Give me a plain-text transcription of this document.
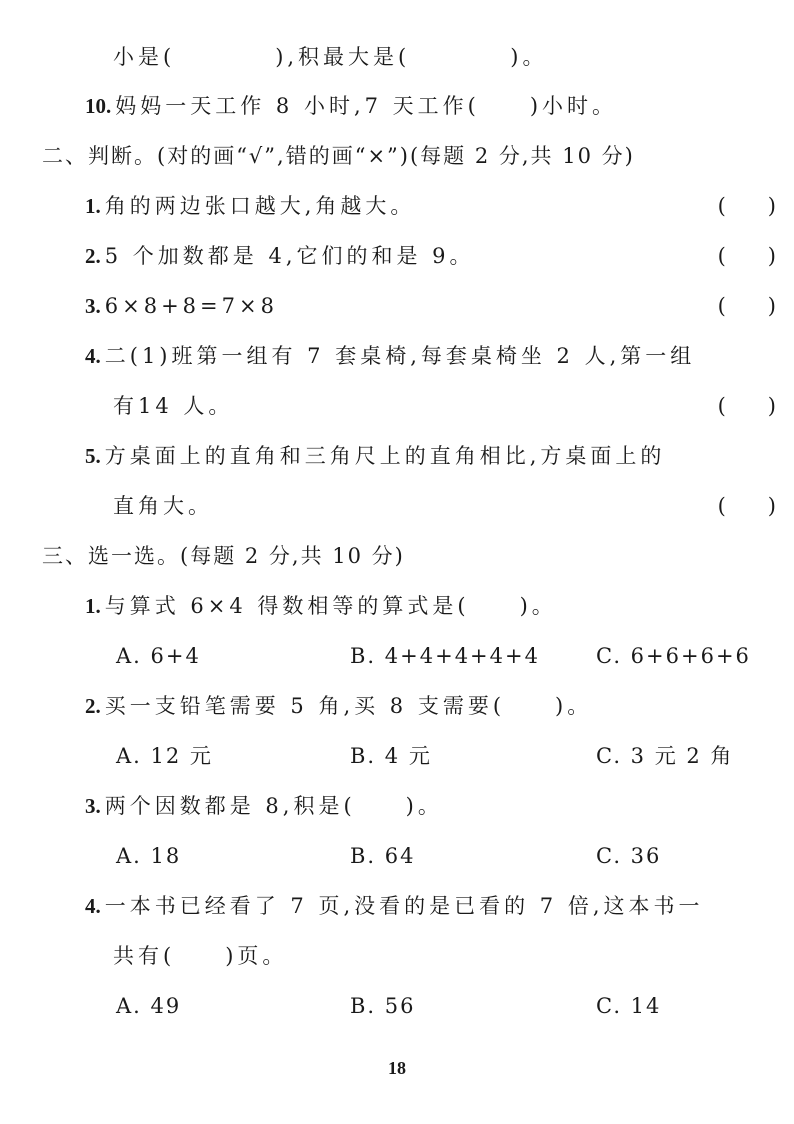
小是(　　　　),积最大是(　　　　)。
10. 妈妈一天工作 8 小时,7 天工作(　　)小时。
二、判断。(对的画“√”,错的画“×”)(每题 2 分,共 10 分)
1. 角的两边张口越大,角越大。	(　　)
2. 5 个加数都是 4,它们的和是 9。	(　　)
3. 6×8+8=7×8	(　　)
4. 二(1)班第一组有 7 套桌椅,每套桌椅坐 2 人,第一组
有14 人。	(　　)
5. 方桌面上的直角和三角尺上的直角相比,方桌面上的
直角大。	(　　)
三、选一选。(每题 2 分,共 10 分)
1. 与算式 6×4 得数相等的算式是(　　)。
A. 6+4	B. 4+4+4+4+4	C. 6+6+6+6
2. 买一支铅笔需要 5 角,买 8 支需要(　　)。
A. 12 元	B. 4 元	C. 3 元 2 角
3. 两个因数都是 8,积是(　　)。
A. 18	B. 64	C. 36
4. 一本书已经看了 7 页,没看的是已看的 7 倍,这本书一
共有(　　)页。
A. 49	B. 56	C. 14
18
